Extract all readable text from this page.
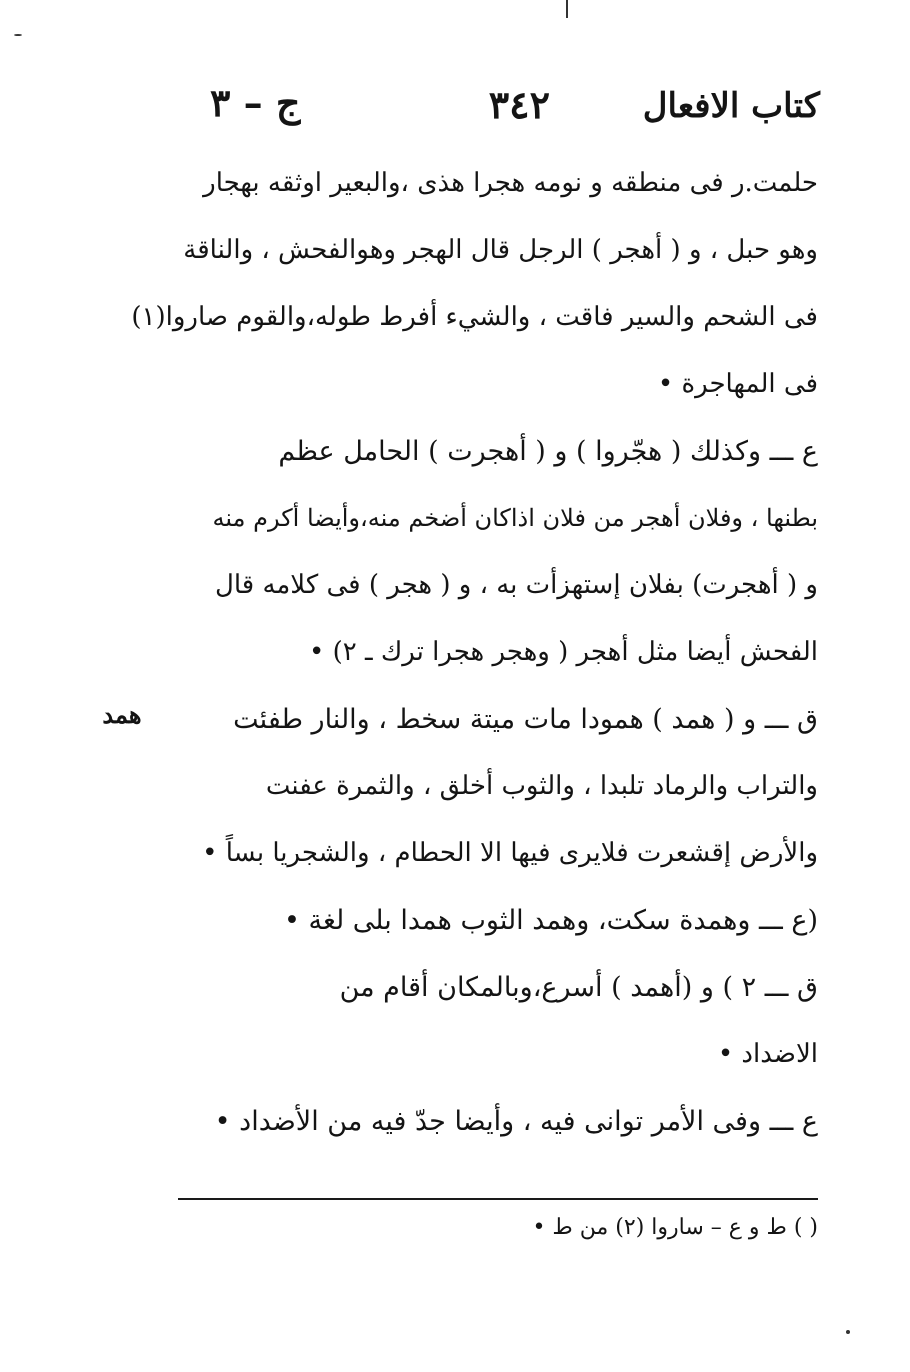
كتاب الافعال
٣٤٢
ج – ٣
همد
حلمت.ر فى منطقه و نومه هجرا هذى ،والبعير اوثقه بهجار
وهو حبل ، و ( أهجر ) الرجل قال الهجر وهوالفحش ، والناقة
فى الشحم والسير فاقت ، والشيء أفرط طوله،والقوم صاروا(١)
فى المهاجرة •
ع ـــ وكذلك ( هجّروا ) و ( أهجرت ) الحامل عظم
بطنها ، وفلان أهجر من فلان اذاكان أضخم منه،وأيضا أكرم منه
و ( أهجرت) بفلان إستهزأت به ، و ( هجر ) فى كلامه قال
الفحش أيضا مثل أهجر ( وهجر هجرا ترك ـ ٢) •
ق ـــ و ( همد ) همودا مات ميتة سخط ، والنار طفئت
والتراب والرماد تلبدا ، والثوب أخلق ، والثمرة عفنت
والأرض إقشعرت فلايرى فيها الا الحطام ، والشجريا بساً •
(ع ـــ وهمدة سكت، وهمد الثوب همدا بلى لغة •
ق ـــ ٢ ) و (أهمد ) أسرع،وبالمكان أقام من
الاضداد •
ع ـــ وفى الأمر توانى فيه ، وأيضا جدّ فيه من الأضداد •
( ) ط و ع – ساروا (٢) من ط •
